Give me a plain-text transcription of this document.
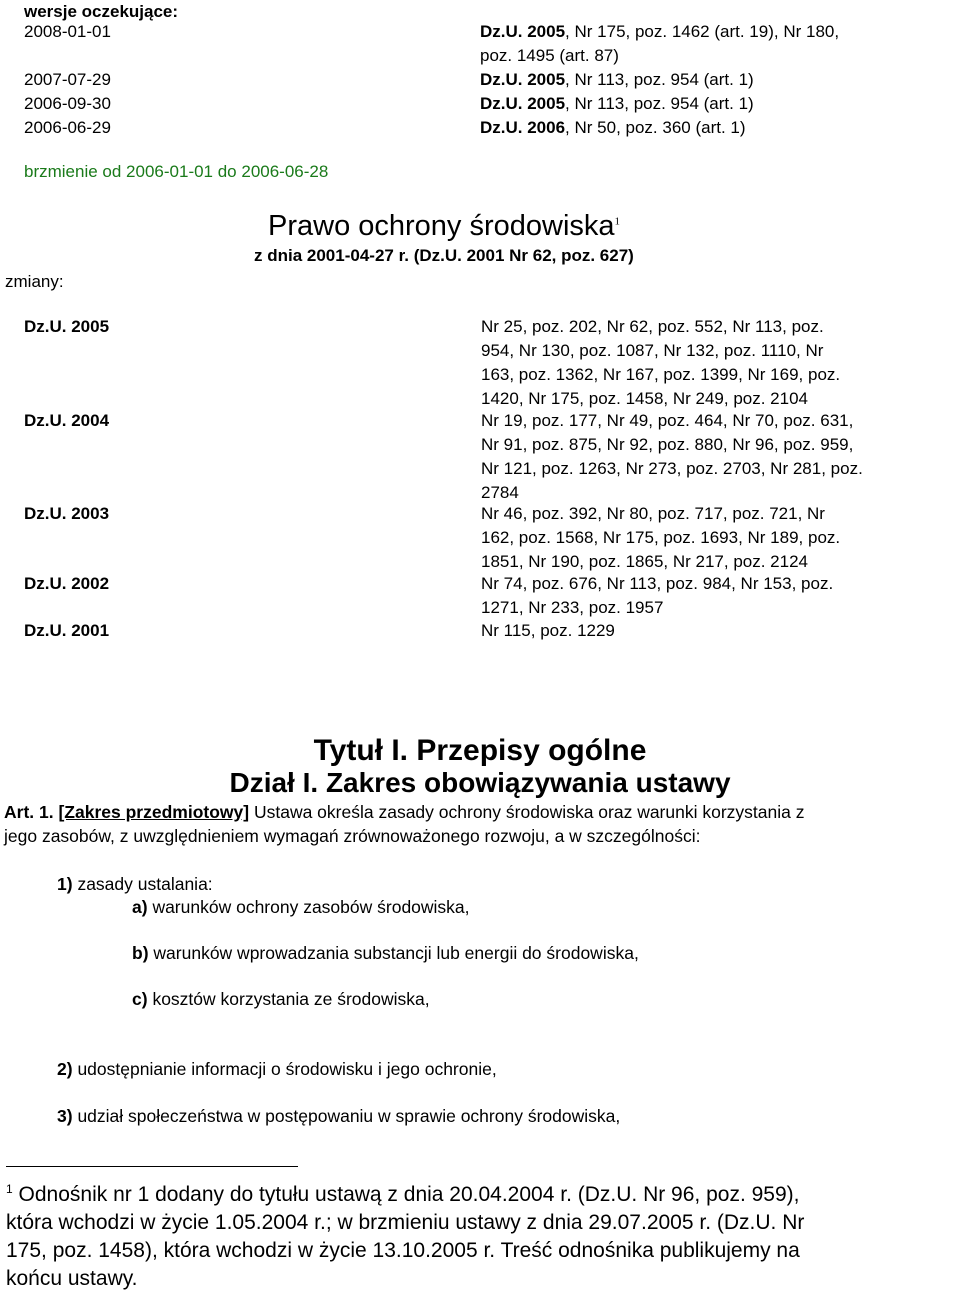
wersje oczekujące:
2008-01-01	Dz.U. 2005, Nr 175, poz. 1462 (art. 19), Nr 180,
poz. 1495 (art. 87)
2007-07-29	Dz.U. 2005, Nr 113, poz. 954 (art. 1)
2006-09-30	Dz.U. 2005, Nr 113, poz. 954 (art. 1)
2006-06-29	Dz.U. 2006, Nr 50, poz. 360 (art. 1)
brzmienie od 2006-01-01 do 2006-06-28
Prawo ochrony środowiska$^1$
z dnia 2001-04-27 r. (Dz.U. 2001 Nr 62, poz. 627)
zmiany:
Dz.U. 2005	Nr 25, poz. 202, Nr 62, poz. 552, Nr 113, poz.
954, Nr 130, poz. 1087, Nr 132, poz. 1110, Nr
163, poz. 1362, Nr 167, poz. 1399, Nr 169, poz.
1420, Nr 175, poz. 1458, Nr 249, poz. 2104
Dz.U. 2004	Nr 19, poz. 177, Nr 49, poz. 464, Nr 70, poz. 631,
Nr 91, poz. 875, Nr 92, poz. 880, Nr 96, poz. 959,
Nr 121, poz. 1263, Nr 273, poz. 2703, Nr 281, poz.
2784
Dz.U. 2003	Nr 46, poz. 392, Nr 80, poz. 717, poz. 721, Nr
162, poz. 1568, Nr 175, poz. 1693, Nr 189, poz.
1851, Nr 190, poz. 1865, Nr 217, poz. 2124
Dz.U. 2002	Nr 74, poz. 676, Nr 113, poz. 984, Nr 153, poz.
1271, Nr 233, poz. 1957
Dz.U. 2001	Nr 115, poz. 1229
Tytuł I. Przepisy ogólne
Dział I. Zakres obowiązywania ustawy
Art. 1. [Zakres przedmiotowy] Ustawa określa zasady ochrony środowiska oraz warunki korzystania z
jego zasobów, z uwzględnieniem wymagań zrównoważonego rozwoju, a w szczególności:
1) zasady ustalania:
a) warunków ochrony zasobów środowiska,
b) warunków wprowadzania substancji lub energii do środowiska,
c) kosztów korzystania ze środowiska,
2) udostępnianie informacji o środowisku i jego ochronie,
3) udział społeczeństwa w postępowaniu w sprawie ochrony środowiska,
$^1$ Odnośnik nr 1 dodany do tytułu ustawą z dnia 20.04.2004 r. (Dz.U. Nr 96, poz. 959),
która wchodzi w życie 1.05.2004 r.; w brzmieniu ustawy z dnia 29.07.2005 r. (Dz.U. Nr
175, poz. 1458), która wchodzi w życie 13.10.2005 r. Treść odnośnika publikujemy na
końcu ustawy.
